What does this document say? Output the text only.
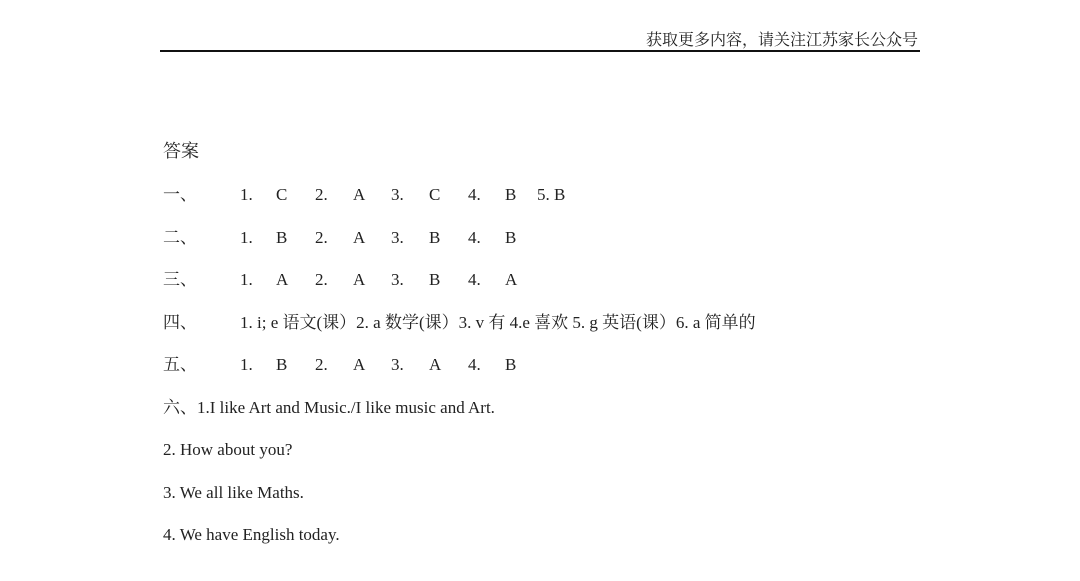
获取更多内容，请关注江苏家长公众号
答案
一、	1. C 2. A 3. C 4. B 5. B
二、	1. B 2. A 3. B 4. B
三、	1. A 2. A 3. B 4. A
四、	1. i; e 语文(课）2. a 数学(课）3. v 有 4.e 喜欢 5. g 英语(课）6. a 简单的
五、	1. B 2. A 3. A 4. B
六、1.I like Art and Music./I like music and Art.
2. How about you?
3. We all like Maths.
4. We have English today.
